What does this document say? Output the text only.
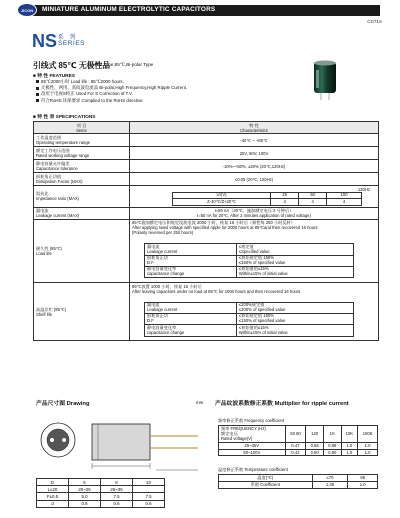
JICON	MINIATURE ALUMINUM ELECTROLYTIC CAPACITORS
CD71S
NS 系 列
SERIES
引线式 85℃ 无极性品
Lead Type,85℃,Bi-polar Type
■ 特 性 FEATURES
85℃2000小时 Load life : 85℃2000 hours.
无极性、两用、高纹波电流品 Bi-polar,High Frequency,High Ripple Current.
改用于电视S校正 Used For S Correction of T.V.
符合RoHS 环保要求 Complied to the RoHS directive
■ 特 性 表 SPECIFICATIONS
项 目
Items

特 性
Characteristics

工作温度范围
Operating temperature range	-40℃ ~ +85℃

额定工作电压范围
Rated working voltage range	25V, 50V, 100V

静电容量允许偏差
Capacitance tolerance	-10%~+50%, ±20% (20℃,120Hz)

损耗角正切值
Dissipation Factor (MAX)	≤0.05 (20℃, 120Hz)

阻抗比
Impedance ratio (MAX)

120Hz
Ur(V)	25	50	100
Z-40℃/Z+20℃	4	4	4

漏电流
Leakage current (MAX)

I=50 nA（20℃，施加额定电压 2 分钟后）
I=50 nA for 20℃, After 2 minutes application of rated voltage)

耐久性 (85℃)
Load life

85℃施加额定电压和规定纹波电流 2000 小时，恢复 16 小时后（极性每 250 小时反转）
After applying rated voltage with specified ripple for 2000 hours at 85℃and then recovered 16 hours
(Polarity reversed per 250 hours)
漏电流
Leakage current

≤规定值
≤Specified value

损耗角正切
D.F

≤初始规定值 150%
≤150% of specified value

静电容量变化率
capacitance change

≤初始值的±15%
Within±15% of initial value

高温存贮 (85℃)
Shelf life

85℃放置 1000 小时，恢复 16 小时后
After leaving capacitors under no load at 85℃ for 1000 hours and then recovered 16 hours
漏电流
Leakage current

≤200%规定值
≤200% of specified value

损耗角正切
D.F

≤初始规定值 150%
≤150% of specified value

静电容量变化率
capacitance change

≤初始值的±15%
Within±15% of initial value
产品尺寸图 Drawing	mm
D	5	8	10
L≤20	20~25	25~35	
F±0.5	5.0	7.5	7.5
d	0.6	0.6	0.6
产品纹波系数修正系数 Multiplier for ripple current
频率修正系数 Frequency coefficient
频率 FREQUENCY (Hz)
额定电压
Rated voltage(V)	50 60	120	1K	10K	100K
25~35V	0.47	0.55	0.88	1.0	1.0
50~100V	0.42	0.50	0.80	1.0	1.0
温度修正系数 Temperature coefficient
温度(℃)	≤70	85
系数 Coefficient	1.35	1.0
